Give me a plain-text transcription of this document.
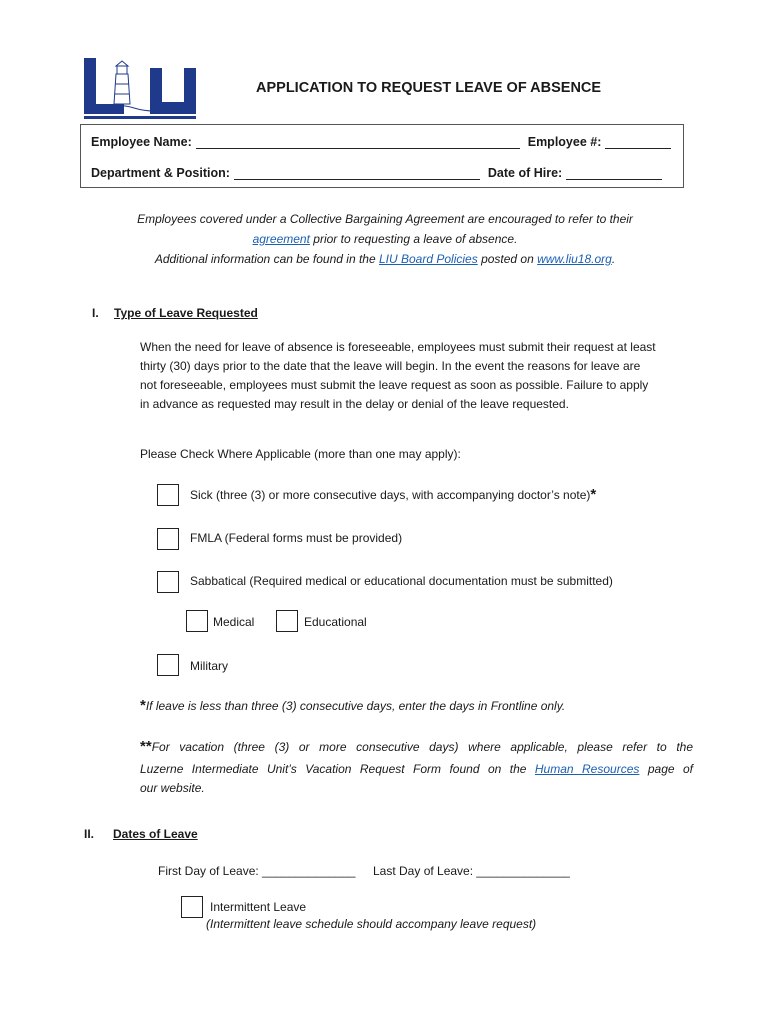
APPLICATION TO REQUEST LEAVE OF ABSENCE
Employee Name:	Employee #:
Department & Position:	Date of Hire:
Employees covered under a Collective Bargaining Agreement are encouraged to refer to their
agreement prior to requesting a leave of absence.
Additional information can be found in the LIU Board Policies posted on www.liu18.org.
I. Type of Leave Requested
When the need for leave of absence is foreseeable, employees must submit their request at least thirty (30) days prior to the date that the leave will begin. In the event the reasons for leave are not foreseeable, employees must submit the leave request as soon as possible. Failure to apply in advance as requested may result in the delay or denial of the leave requested.
Please Check Where Applicable (more than one may apply):
Sick (three (3) or more consecutive days, with accompanying doctor’s note)*
FMLA (Federal forms must be provided)
Sabbatical (Required medical or educational documentation must be submitted)
Medical	Educational
Military
*If leave is less than three (3) consecutive days, enter the days in Frontline only.
**For vacation (three (3) or more consecutive days) where applicable, please refer to the
Luzerne Intermediate Unit’s Vacation Request Form found on the Human Resources page of
our website.
II. Dates of Leave
First Day of Leave: ______________ Last Day of Leave: ______________
Intermittent Leave
(Intermittent leave schedule should accompany leave request)
